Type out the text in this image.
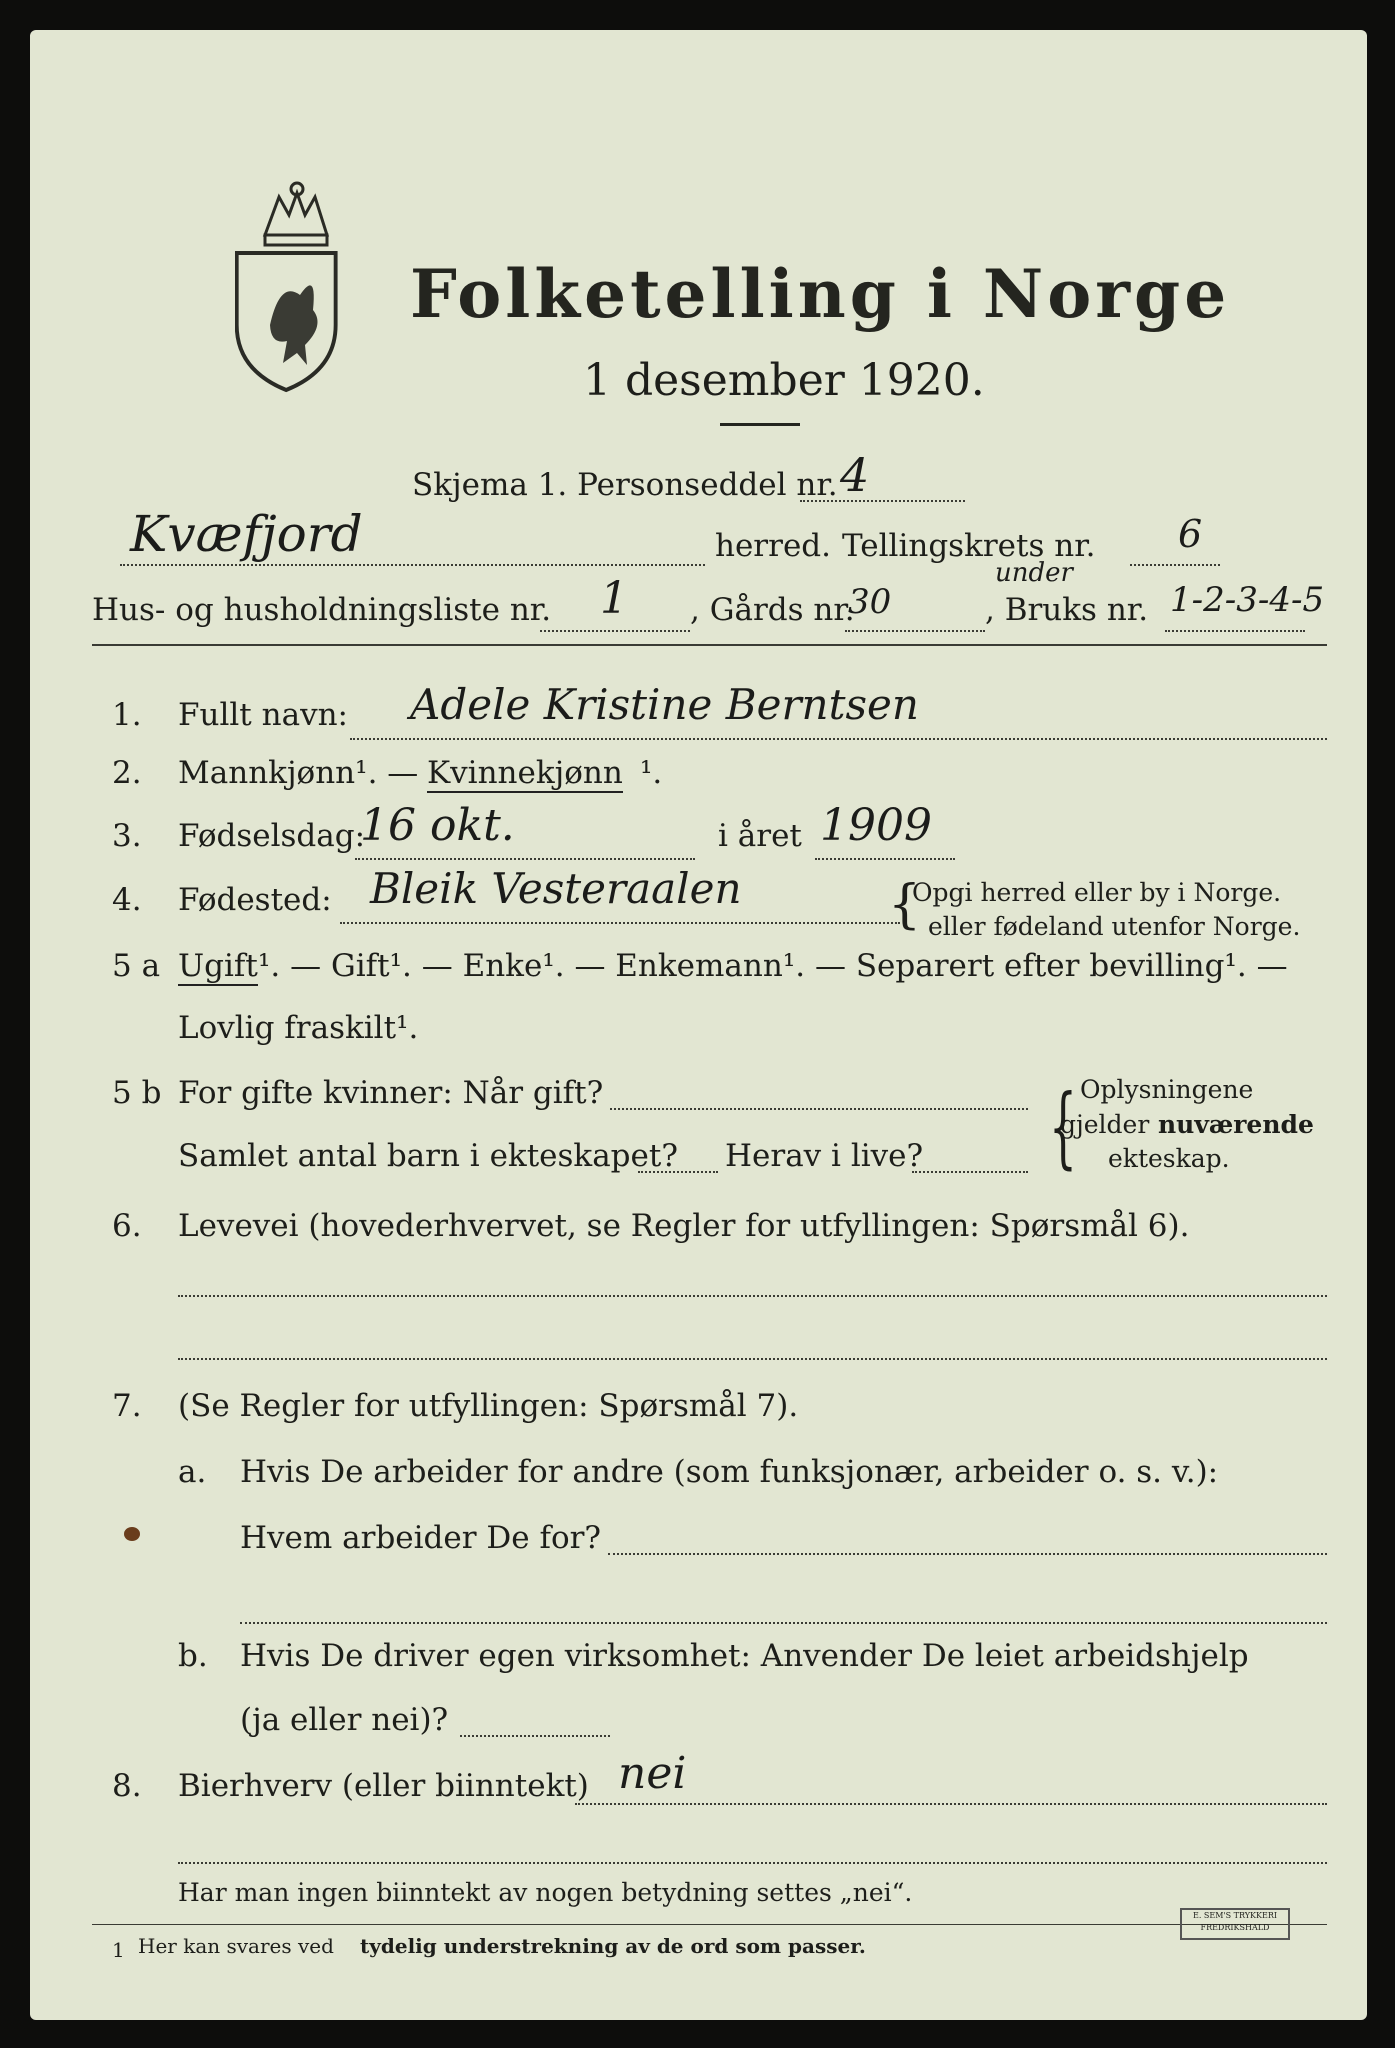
Folketelling i Norge
1 desember 1920.
Skjema 1. Personseddel nr. 4
Kvæfjord	herred. Tellingskrets nr. 6
under
Hus- og husholdningsliste nr. 1 , Gårds nr.
30	, Bruks nr. 1-2-3-4-5
1. Fullt navn: Adele Kristine Berntsen
2. Mannkjønn¹. — Kvinnekjønn ¹.
3. Fødselsdag:
16 okt.	i året 1909
4. Fødested: Bleik Vesteraalen	{
Opgi herred eller by i Norge.
eller fødeland utenfor Norge.
5 a Ugift ¹. — Gift¹. — Enke¹. — Enkemann¹. — Separert efter bevilling¹. —
Lovlig fraskilt¹.
5 b For gifte kvinner: Når gift?
Samlet antal barn i ekteskapet? Herav i live? { Oplysningene
gjelder nuværende
ekteskap.
6. Levevei (hovederhvervet, se Regler for utfyllingen: Spørsmål 6).
7. (Se Regler for utfyllingen: Spørsmål 7).
a. Hvis De arbeider for andre (som funksjonær, arbeider o. s. v.):
Hvem arbeider De for?
b. Hvis De driver egen virksomhet: Anvender De leiet arbeidshjelp
(ja eller nei)?
8. Bierhverv (eller biinntekt) nei
Har man ingen biinntekt av nogen betydning settes „nei“.
1 Her kan svares ved tydelig understrekning av de ord som passer.
E. SEM'S TRYKKERI FREDRIKSHALD
